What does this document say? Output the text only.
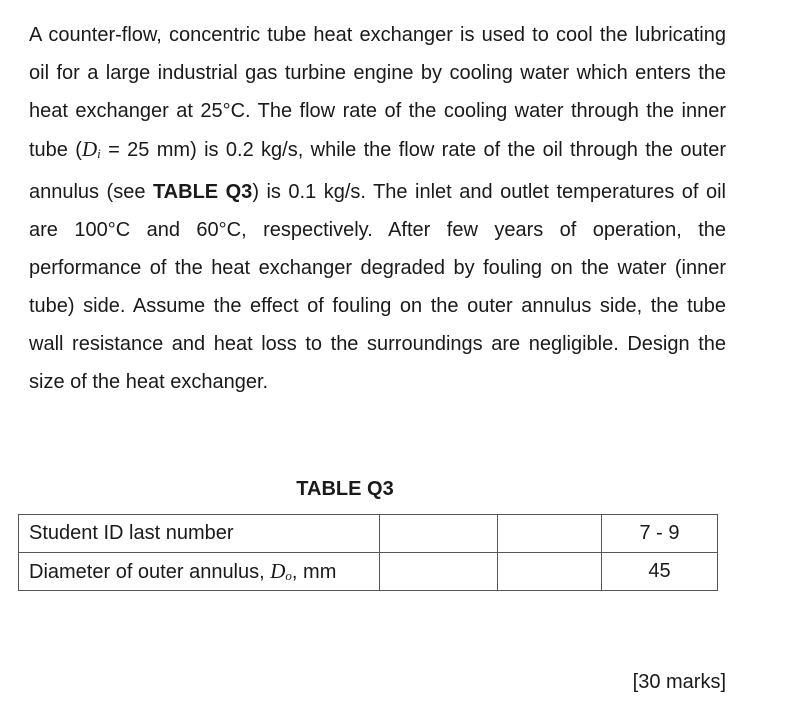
A counter-flow, concentric tube heat exchanger is used to cool the lubricating oil for a large industrial gas turbine engine by cooling water which enters the heat exchanger at 25°C. The flow rate of the cooling water through the inner tube (Di = 25 mm) is 0.2 kg/s, while the flow rate of the oil through the outer annulus (see TABLE Q3) is 0.1 kg/s. The inlet and outlet temperatures of oil are 100°C and 60°C, respectively. After few years of operation, the performance of the heat exchanger degraded by fouling on the water (inner tube) side. Assume the effect of fouling on the outer annulus side, the tube wall resistance and heat loss to the surroundings are negligible. Design the size of the heat exchanger.

TABLE Q3
Student ID last number			7 - 9
Diameter of outer annulus, Do, mm			45
[30 marks]
